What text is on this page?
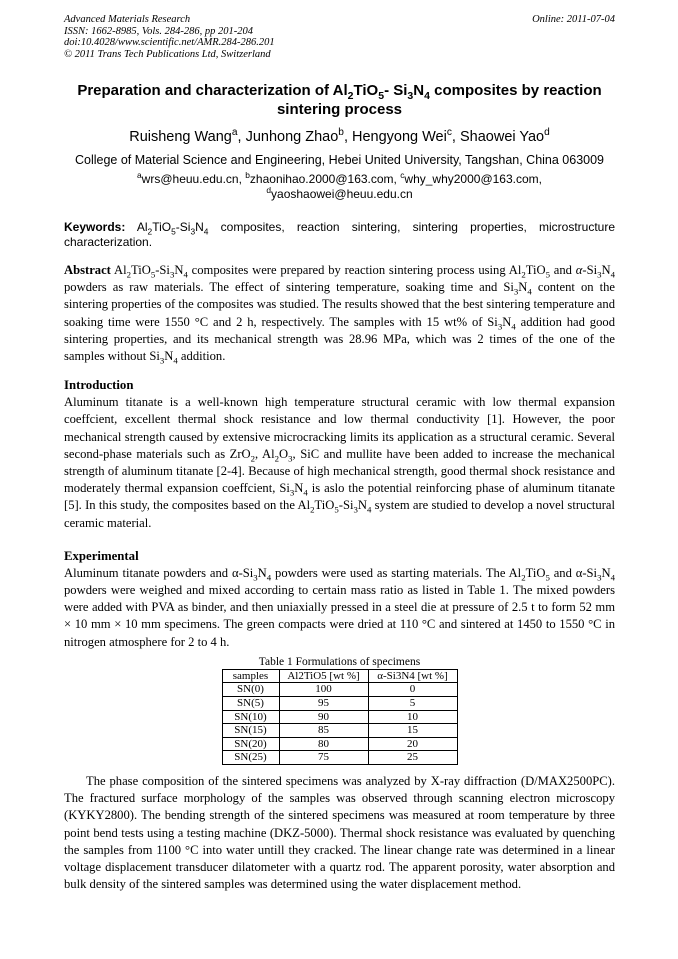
Advanced Materials Research
ISSN: 1662-8985, Vols. 284-286, pp 201-204
doi:10.4028/www.scientific.net/AMR.284-286.201
© 2011 Trans Tech Publications Ltd, Switzerland
Online: 2011-07-04
Preparation and characterization of $Al_2TiO_5-$ $Si_3N_4$ composites by reaction sintering process
Ruisheng Wang$^a$, Junhong Zhao$^b$, Hengyong Wei$^c$, Shaowei Yao$^d$
College of Material Science and Engineering, Hebei United University, Tangshan, China 063009
$^a$wrs@heuu.edu.cn, $^b$zhaonihao.2000@163.com, $^c$why_why2000@163.com,
$^d$yaoshaowei@heuu.edu.cn
Keywords: $Al_2TiO_5-Si_3N_4$ composites, reaction sintering, sintering properties, microstructure characterization.
Abstract $Al_2TiO_5-Si_3N_4$ composites were prepared by reaction sintering process using $Al_2TiO_5$ and $\alpha-Si_3N_4$ powders as raw materials. The effect of sintering temperature, soaking time and $Si_3N_4$ content on the sintering properties of the composites was studied. The results showed that the best sintering temperature and soaking time were 1550 °C and 2 h, respectively. The samples with 15 wt% of $Si_3N_4$ addition had good sintering properties, and its mechanical strength was 28.96 MPa, which was 2 times of the one of the samples without $Si_3N_4$ addition.
Introduction
Aluminum titanate is a well-known high temperature structural ceramic with low thermal expansion coeffcient, excellent thermal shock resistance and low thermal conductivity [1]. However, the poor mechanical strength caused by extensive microcracking limits its application as a structural ceramic. Several second-phase materials such as ZrO$_2$, $Al_2O_3$, SiC and mullite have been added to increase the mechanical strength of aluminum titanate [2-4]. Because of high mechanical strength, good thermal shock resistance and moderately thermal expansion coeffcient, $Si_3N_4$ is aslo the potential reinforcing phase of aluminum titanate [5]. In this study, the composites based on the $Al_2TiO_5-Si_3N_4$ system are studied to develop a novel structural ceramic material.
Experimental
Aluminum titanate powders and $\alpha-Si_3N_4$ powders were used as starting materials. The $Al_2TiO_5$ and $\alpha-Si_3N_4$ powders were weighed and mixed according to certain mass ratio as listed in Table 1. The mixed powders were added with PVA as binder, and then uniaxially pressed in a steel die at pressure of 2.5 t to form 52 mm × 10 mm × 10 mm specimens. The green compacts were dried at 110 °C and sintered at 1450 to 1550 °C in nitrogen atmosphere for 2 to 4 h.
Table 1 Formulations of specimens
samples	Al2TiO5 [wt %]	α-Si3N4 [wt %]
SN(0)	100	0
SN(5)	95	5
SN(10)	90	10
SN(15)	85	15
SN(20)	80	20
SN(25)	75	25
The phase composition of the sintered specimens was analyzed by X-ray diffraction (D/MAX2500PC). The fractured surface morphology of the samples was observed through scanning electron microscopy (KYKY2800). The bending strength of the sintered specimens was measured at room temperature by three point bend tests using a testing machine (DKZ-5000). Thermal shock resistance was evaluated by quenching the samples from 1100 °C into water untill they cracked. The linear change rate was determined in a linear voltage displacement transducer dilatometer with a quartz rod. The apparent porosity, water absorption and bulk density of the sintered samples was determined using the water displacement method.
